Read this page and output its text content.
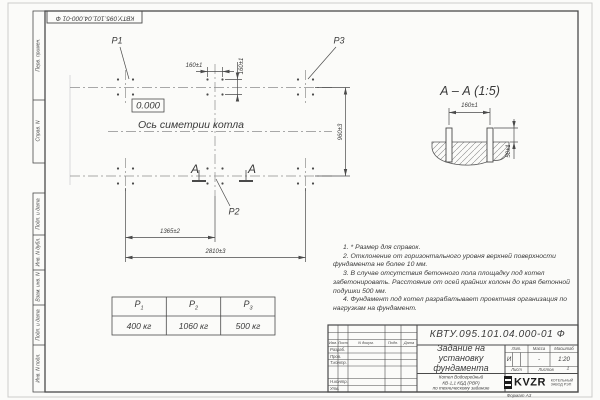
КВТУ.095.101.04.000-01 Ф
Перв. примен.
Справ. N
Подп. и дата
Инв. N дубл.
Взам. инв. N
Подп. и дата
Инв. N подл.
P1	P3
P2
0.000
Ось симетрии котла
160±1	160±1
960±3
1365±2
2810±3
А	А
А – А (1:5)
160±1
50±1

1. * Размер для справок.

2. Отклонение от горизонтального уровня верхней поверхности фундамента не более 10 мм.

3. В случае отсутствия бетонного пола площадку под котел забетонировать. Расстояние от осей крайних колонн до края бетонной подушки 500 мм.

4. Фундамент под котел разрабатывает проектная организация по нагрузкам на фундамент.

$P_1$	$P_2$	$P_3$
400 кг	1060 кг	500 кг
КВТУ.095.101.04.000-01 Ф
Изм. Лист	N докум.	Подп. Дата
Разраб.
Пров.
Т.контр.
Н.контр.
Утв.
Задание на установку фундамента
Котел Водогрейный
КВ-1,1 КБД (РВР)
по техническому заданию
Лит.	Масса Масштаб
И	-	1:20
Лист	Листов	1
KVZR КОТЕЛЬНЫЙ
ЗАВОД РЭП
Формат А3
